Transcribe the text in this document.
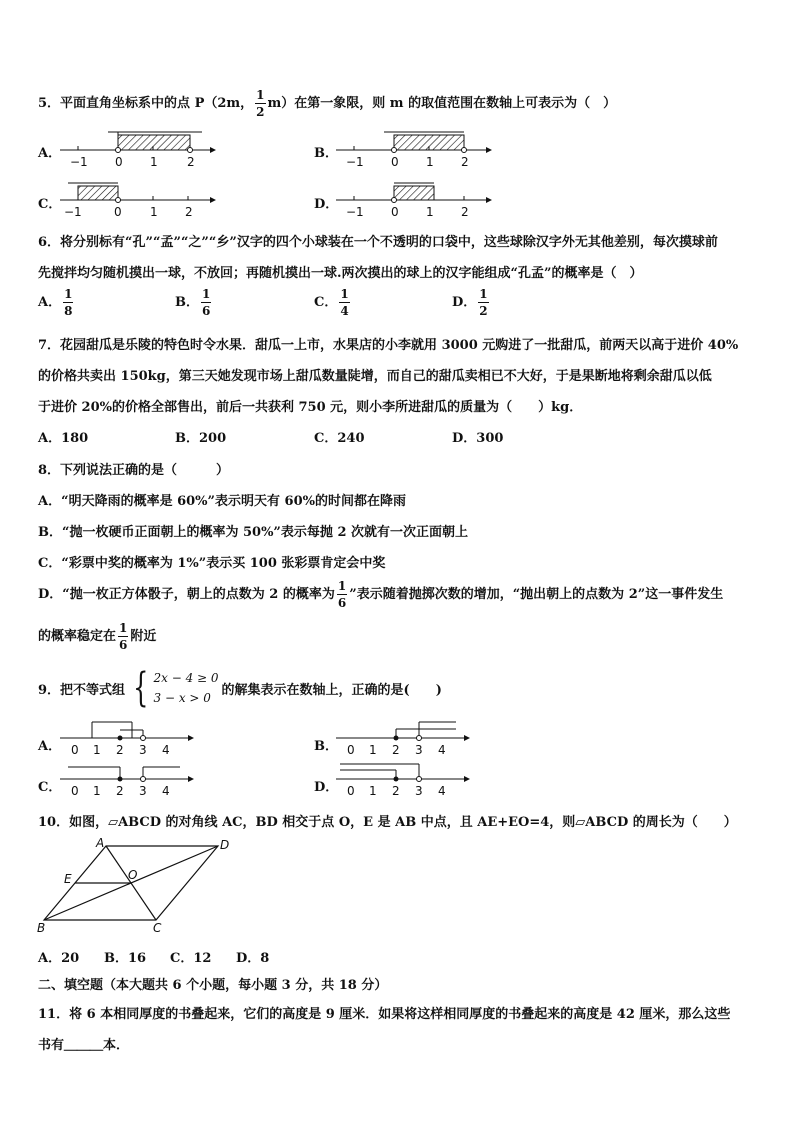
5．平面直角坐标系中的点 P（2m， $\frac{1}{2} m$）在第一象限，则 m 的取值范围在数轴上可表示为（　）
A．
−1 0 1 2
B．
−1 0 1 2
C． −1	0 1 2	D． −1 0 1 2
6．将分别标有“孔”“孟”“之”“乡”汉字的四个小球装在一个不透明的口袋中，这些球除汉字外无其他差别，每次摸球前
先搅拌均匀随机摸出一球，不放回；再随机摸出一球.两次摸出的球上的汉字能组成“孔孟”的概率是（　）
A． $\frac{1}{8}$	B． $\frac{1}{6}$	C． $\frac{1}{4}$	D． $\frac{1}{2}$
7．花园甜瓜是乐陵的特色时令水果．甜瓜一上市，水果店的小李就用 3000 元购进了一批甜瓜，前两天以高于进价 40%
的价格共卖出 150kg，第三天她发现市场上甜瓜数量陡增，而自己的甜瓜卖相已不大好，于是果断地将剩余甜瓜以低
于进价 20%的价格全部售出，前后一共获利 750 元，则小李所进甜瓜的质量为（　　）kg．
A．180	B．200	C．240	D．300
8．下列说法正确的是（　　　）
A．“明天降雨的概率是 60%”表示明天有 60%的时间都在降雨
B．“抛一枚硬币正面朝上的概率为 50%”表示每抛 2 次就有一次正面朝上
C．“彩票中奖的概率为 1%”表示买 100 张彩票肯定会中奖
D．“抛一枚正方体骰子，朝上的点数为 2 的概率为 $\frac{1}{6}$ ”表示随着抛掷次数的增加，“抛出朝上的点数为 2”这一事件发生
的概率稳定在 $\frac{1}{6}$ 附近
9．把不等式组 { 2x − 4 ≥ 0
3 − x > 0
的解集表示在数轴上，正确的是(　　)
A． 0 1 2 3 4	B． 0 1 2 3 4
C． 0 1 2 3 4	D． 0 1 2 3 4
10．如图，▱ABCD 的对角线 AC，BD 相交于点 O，E 是 AB 中点，且 AE+EO=4，则▱ABCD 的周长为（　　）
A	D
E	O
B	C
A．20 B．16 C．12 D．8
二、填空题（本大题共 6 个小题，每小题 3 分，共 18 分）
11．将 6 本相同厚度的书叠起来，它们的高度是 9 厘米．如果将这样相同厚度的书叠起来的高度是 42 厘米，那么这些
书有＿＿＿本．
